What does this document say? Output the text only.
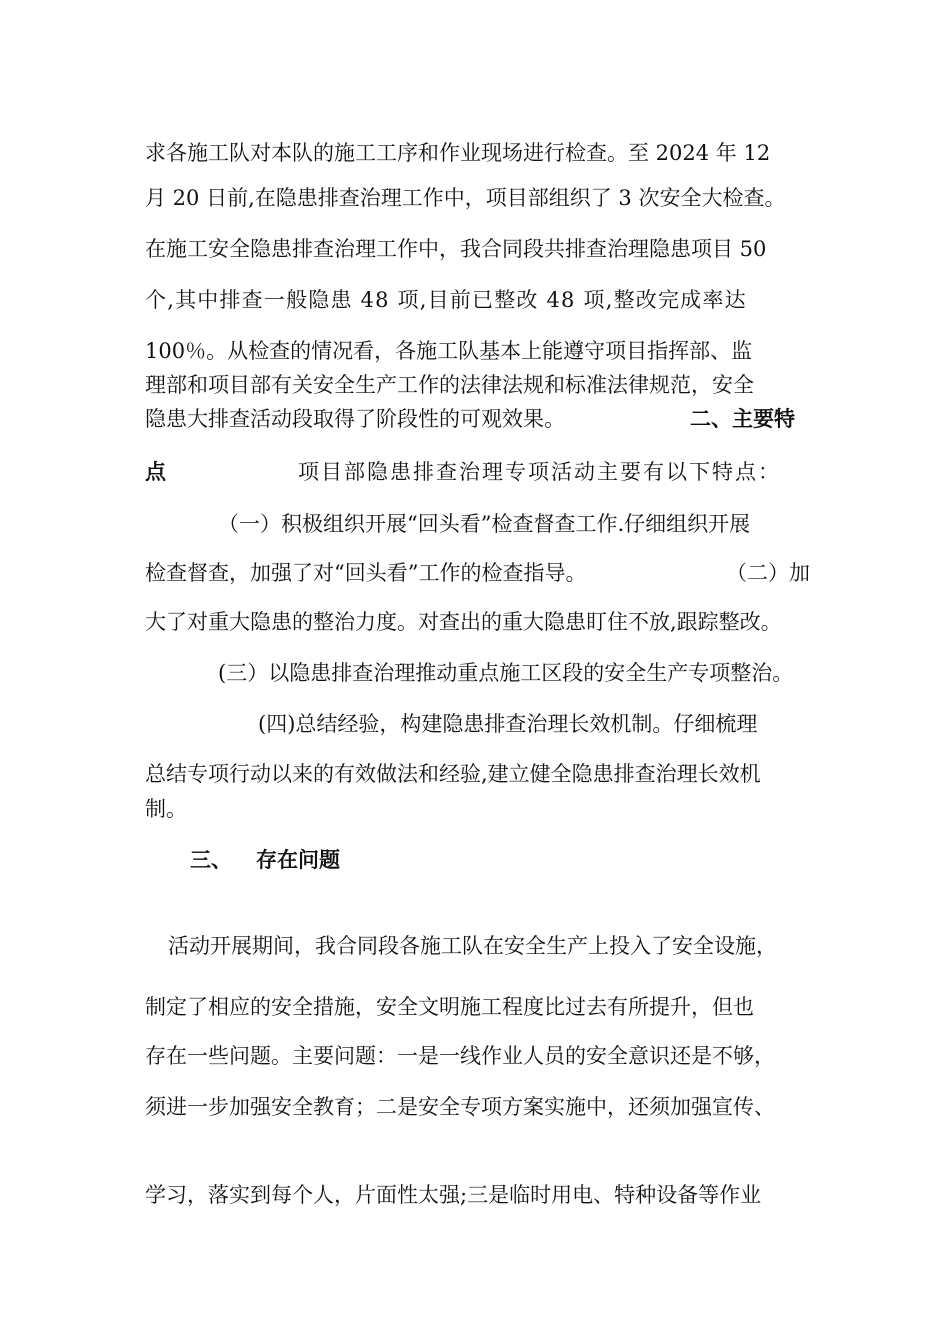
求各施工队对本队的施工工序和作业现场进行检查。至 2024 年 12
月 20 日前,在隐患排查治理工作中，项目部组织了 3 次安全大检查。
在施工安全隐患排查治理工作中，我合同段共排查治理隐患项目 50
个,其中排查一般隐患 48 项,目前已整改 48 项,整改完成率达
100％。从检查的情况看，各施工队基本上能遵守项目指挥部、监
理部和项目部有关安全生产工作的法律法规和标准法律规范，安全
隐患大排查活动段取得了阶段性的可观效果。	二、主要特
点	项目部隐患排查治理专项活动主要有以下特点：
（一）积极组织开展“回头看”检查督查工作.仔细组织开展
检查督查，加强了对“回头看”工作的检查指导。	（二）加
大了对重大隐患的整治力度。对查出的重大隐患盯住不放,跟踪整改。
(三）以隐患排查治理推动重点施工区段的安全生产专项整治。
(四)总结经验，构建隐患排查治理长效机制。仔细梳理
总结专项行动以来的有效做法和经验,建立健全隐患排查治理长效机
制。
三、 存在问题
活动开展期间，我合同段各施工队在安全生产上投入了安全设施，
制定了相应的安全措施，安全文明施工程度比过去有所提升，但也
存在一些问题。主要问题：一是一线作业人员的安全意识还是不够，
须进一步加强安全教育；二是安全专项方案实施中，还须加强宣传、
学习，落实到每个人，片面性太强;三是临时用电、特种设备等作业
